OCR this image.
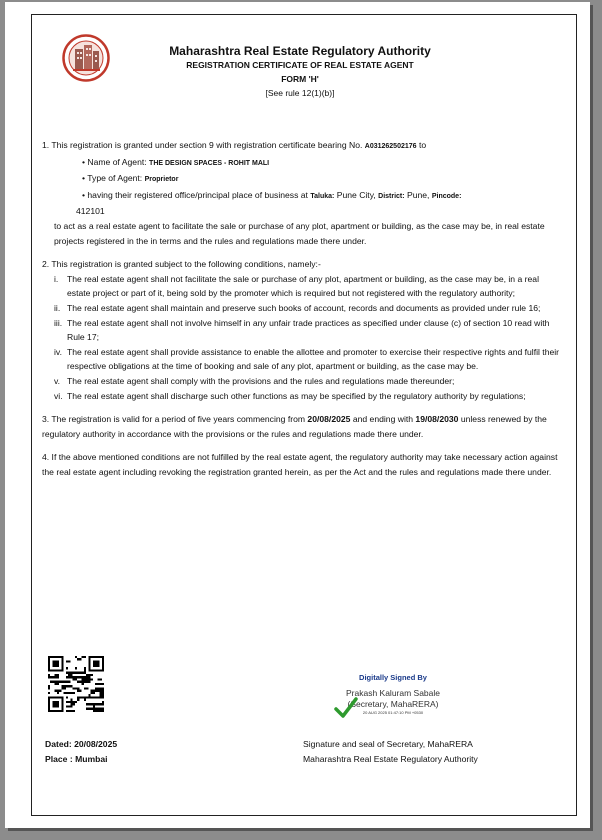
Maharashtra Real Estate Regulatory Authority
REGISTRATION CERTIFICATE OF REAL ESTATE AGENT
FORM 'H'
[See rule 12(1)(b)]

1. This registration is granted under section 9 with registration certificate bearing No. A031262502176 to

• Name of Agent: THE DESIGN SPACES - ROHIT MALI

• Type of Agent: Proprietor

• having their registered office/principal place of business at Taluka: Pune City, District: Pune, Pincode:

412101

to act as a real estate agent to facilitate the sale or purchase of any plot, apartment or building, as the case may be, in real estate projects registered in the in terms and the rules and regulations made there under.

2. This registration is granted subject to the following conditions, namely:-

i.	The real estate agent shall not facilitate the sale or purchase of any plot, apartment or building, as the case may be, in a real estate project or part of it, being sold by the promoter which is required but not registered with the regulatory authority;
ii. The real estate agent shall maintain and preserve such books of account, records and documents as provided under rule 16;
iii. The real estate agent shall not involve himself in any unfair trade practices as specified under clause (c) of section 10 read with Rule 17;
iv. The real estate agent shall provide assistance to enable the allottee and promoter to exercise their respective rights and fulfil their respective obligations at the time of booking and sale of any plot, apartment or building, as the case may be.
v. The real estate agent shall comply with the provisions and the rules and regulations made thereunder;
vi. The real estate agent shall discharge such other functions as may be specified by the regulatory authority by regulations;

3. The registration is valid for a period of five years commencing from 20/08/2025 and ending with 19/08/2030 unless renewed by the regulatory authority in accordance with the provisions or the rules and regulations made there under.

4. If the above mentioned conditions are not fulfilled by the real estate agent, the regulatory authority may take necessary action against the real estate agent including revoking the registration granted herein, as per the Act and the rules and regulations made there under.

Digitally Signed By
Prakash Kaluram Sabale
(Secretary, MahaRERA)
20 AUG 2025 01:47:10 PM +0530
Dated: 20/08/2025
Place : Mumbai
Signature and seal of Secretary, MahaRERA
Maharashtra Real Estate Regulatory Authority
